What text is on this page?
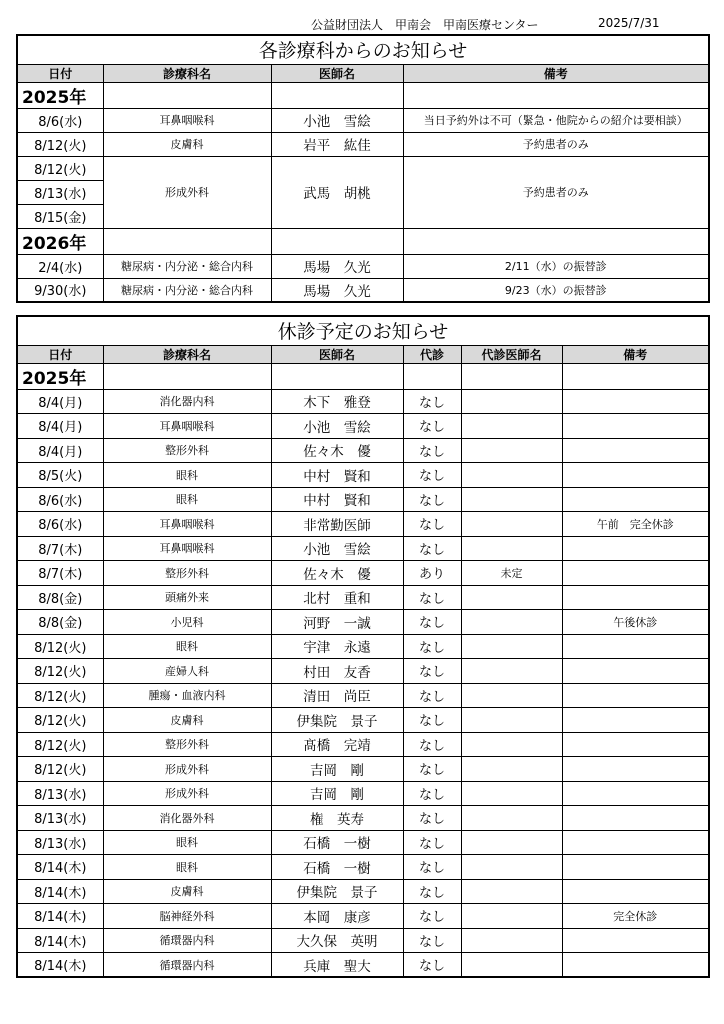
公益財団法人　甲南会　甲南医療センター	2025/7/31
各診療科からのお知らせ			
日付	診療科名	医師名	備考
2025年			
8/6(水)	耳鼻咽喉科	小池　雪絵	当日予約外は不可（緊急・他院からの紹介は要相談）
8/12(火)	皮膚科	岩平　紘佳	予約患者のみ
8/12(火)	形成外科	武馬　胡桃	予約患者のみ
8/13(水)			
8/15(金)			
2026年			
2/4(水)	糖尿病・内分泌・総合内科	馬場　久光	2/11（水）の振替診
9/30(水)	糖尿病・内分泌・総合内科	馬場　久光	9/23（水）の振替診
休診予定のお知らせ					
日付	診療科名	医師名	代診	代診医師名	備考
2025年					
8/4(月)	消化器内科	木下　雅登	なし		
8/4(月)	耳鼻咽喉科	小池　雪絵	なし		
8/4(月)	整形外科	佐々木　優	なし		
8/5(火)	眼科	中村　賢和	なし		
8/6(水)	眼科	中村　賢和	なし		
8/6(水)	耳鼻咽喉科	非常勤医師	なし		午前　完全休診
8/7(木)	耳鼻咽喉科	小池　雪絵	なし		
8/7(木)	整形外科	佐々木　優	あり	未定	
8/8(金)	頭痛外来	北村　重和	なし		
8/8(金)	小児科	河野　一誠	なし		午後休診
8/12(火)	眼科	宇津　永遠	なし		
8/12(火)	産婦人科	村田　友香	なし		
8/12(火)	腫瘍・血液内科	清田　尚臣	なし		
8/12(火)	皮膚科	伊集院　景子	なし		
8/12(火)	整形外科	髙橋　完靖	なし		
8/12(火)	形成外科	吉岡　剛	なし		
8/13(水)	形成外科	吉岡　剛	なし		
8/13(水)	消化器外科	権　英寿	なし		
8/13(水)	眼科	石橋　一樹	なし		
8/14(木)	眼科	石橋　一樹	なし		
8/14(木)	皮膚科	伊集院　景子	なし		
8/14(木)	脳神経外科	本岡　康彦	なし		完全休診
8/14(木)	循環器内科	大久保　英明	なし		
8/14(木)	循環器内科	兵庫　聖大	なし		
